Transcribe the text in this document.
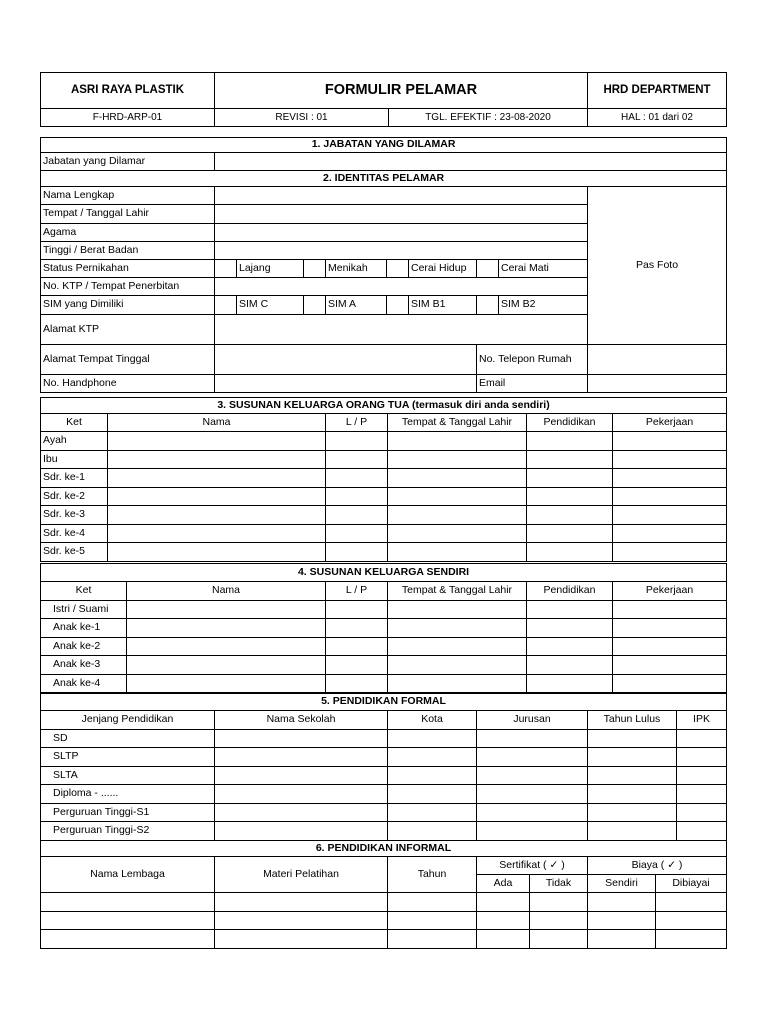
ASRI RAYA PLASTIK	FORMULIR PELAMAR		HRD DEPARTMENT
F-HRD-ARP-01	REVISI : 01	TGL. EFEKTIF : 23-08-2020	HAL : 01 dari 02
1. JABATAN YANG DILAMAR									
Jabatan yang Dilamar									
2. IDENTITAS PELAMAR									
Nama Lengkap									Pas Foto
Tempat / Tanggal Lahir									
Agama									
Tinggi / Berat Badan									
Status Pernikahan		Lajang		Menikah		Cerai Hidup		Cerai Mati	
No. KTP / Tempat Penerbitan									
SIM yang Dimiliki		SIM C		SIM A		SIM B1		SIM B2	
Alamat KTP									
Alamat Tempat Tinggal							No. Telepon Rumah		
No. Handphone							Email		
3. SUSUNAN KELUARGA ORANG TUA (termasuk diri anda sendiri)					
Ket	Nama	L / P	Tempat & Tanggal Lahir	Pendidikan	Pekerjaan
Ayah					
Ibu					
Sdr. ke-1					
Sdr. ke-2					
Sdr. ke-3					
Sdr. ke-4					
Sdr. ke-5					
4. SUSUNAN KELUARGA SENDIRI					
Ket	Nama	L / P	Tempat & Tanggal Lahir	Pendidikan	Pekerjaan
Istri / Suami					
Anak ke-1					
Anak ke-2					
Anak ke-3					
Anak ke-4					
5. PENDIDIKAN FORMAL					
Jenjang Pendidikan	Nama Sekolah	Kota	Jurusan	Tahun Lulus	IPK
SD					
SLTP					
SLTA					
Diploma - ......					
Perguruan Tinggi-S1					
Perguruan Tinggi-S2					
6. PENDIDIKAN INFORMAL						
Nama Lembaga	Materi Pelatihan	Tahun	Sertifikat ( ✓ )		Biaya ( ✓ )	
			Ada	Tidak	Sendiri	Dibiayai
